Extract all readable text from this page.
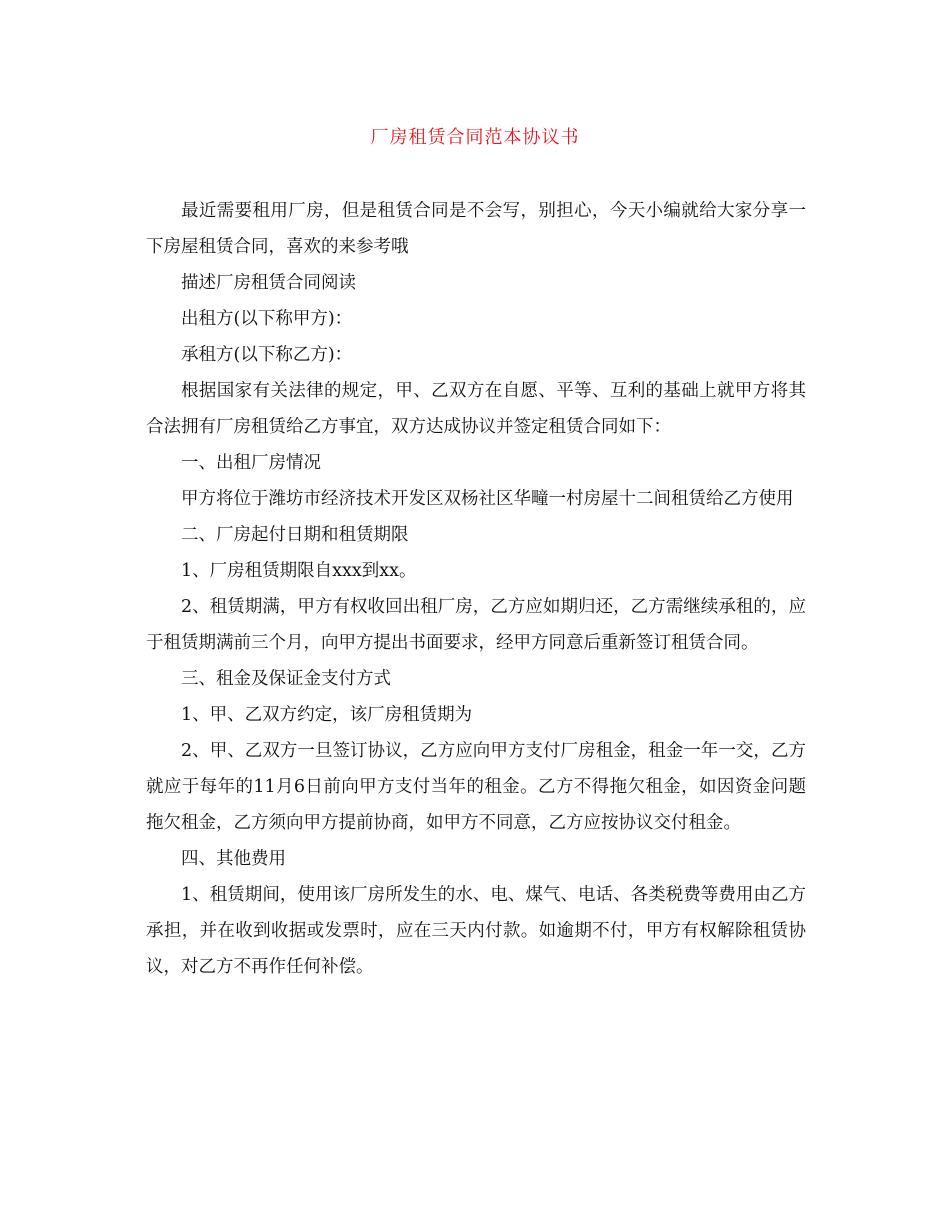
厂房租赁合同范本协议书

最近需要租用厂房，但是租赁合同是不会写，别担心，今天小编就给大家分享一下房屋租赁合同，喜欢的来参考哦

描述厂房租赁合同阅读

出租方(以下称甲方)：

承租方(以下称乙方)：

根据国家有关法律的规定，甲、乙双方在自愿、平等、互利的基础上就甲方将其合法拥有厂房租赁给乙方事宜，双方达成协议并签定租赁合同如下：

一、出租厂房情况

甲方将位于潍坊市经济技术开发区双杨社区华疃一村房屋十二间租赁给乙方使用

二、厂房起付日期和租赁期限

1、厂房租赁期限自xxx到xx。

2、租赁期满，甲方有权收回出租厂房，乙方应如期归还，乙方需继续承租的，应于租赁期满前三个月，向甲方提出书面要求，经甲方同意后重新签订租赁合同。

三、租金及保证金支付方式

1、甲、乙双方约定，该厂房租赁期为

2、甲、乙双方一旦签订协议，乙方应向甲方支付厂房租金，租金一年一交，乙方就应于每年的11月6日前向甲方支付当年的租金。乙方不得拖欠租金，如因资金问题拖欠租金，乙方须向甲方提前协商，如甲方不同意，乙方应按协议交付租金。

四、其他费用

1、租赁期间，使用该厂房所发生的水、电、煤气、电话、各类税费等费用由乙方承担，并在收到收据或发票时，应在三天内付款。如逾期不付，甲方有权解除租赁协议，对乙方不再作任何补偿。
